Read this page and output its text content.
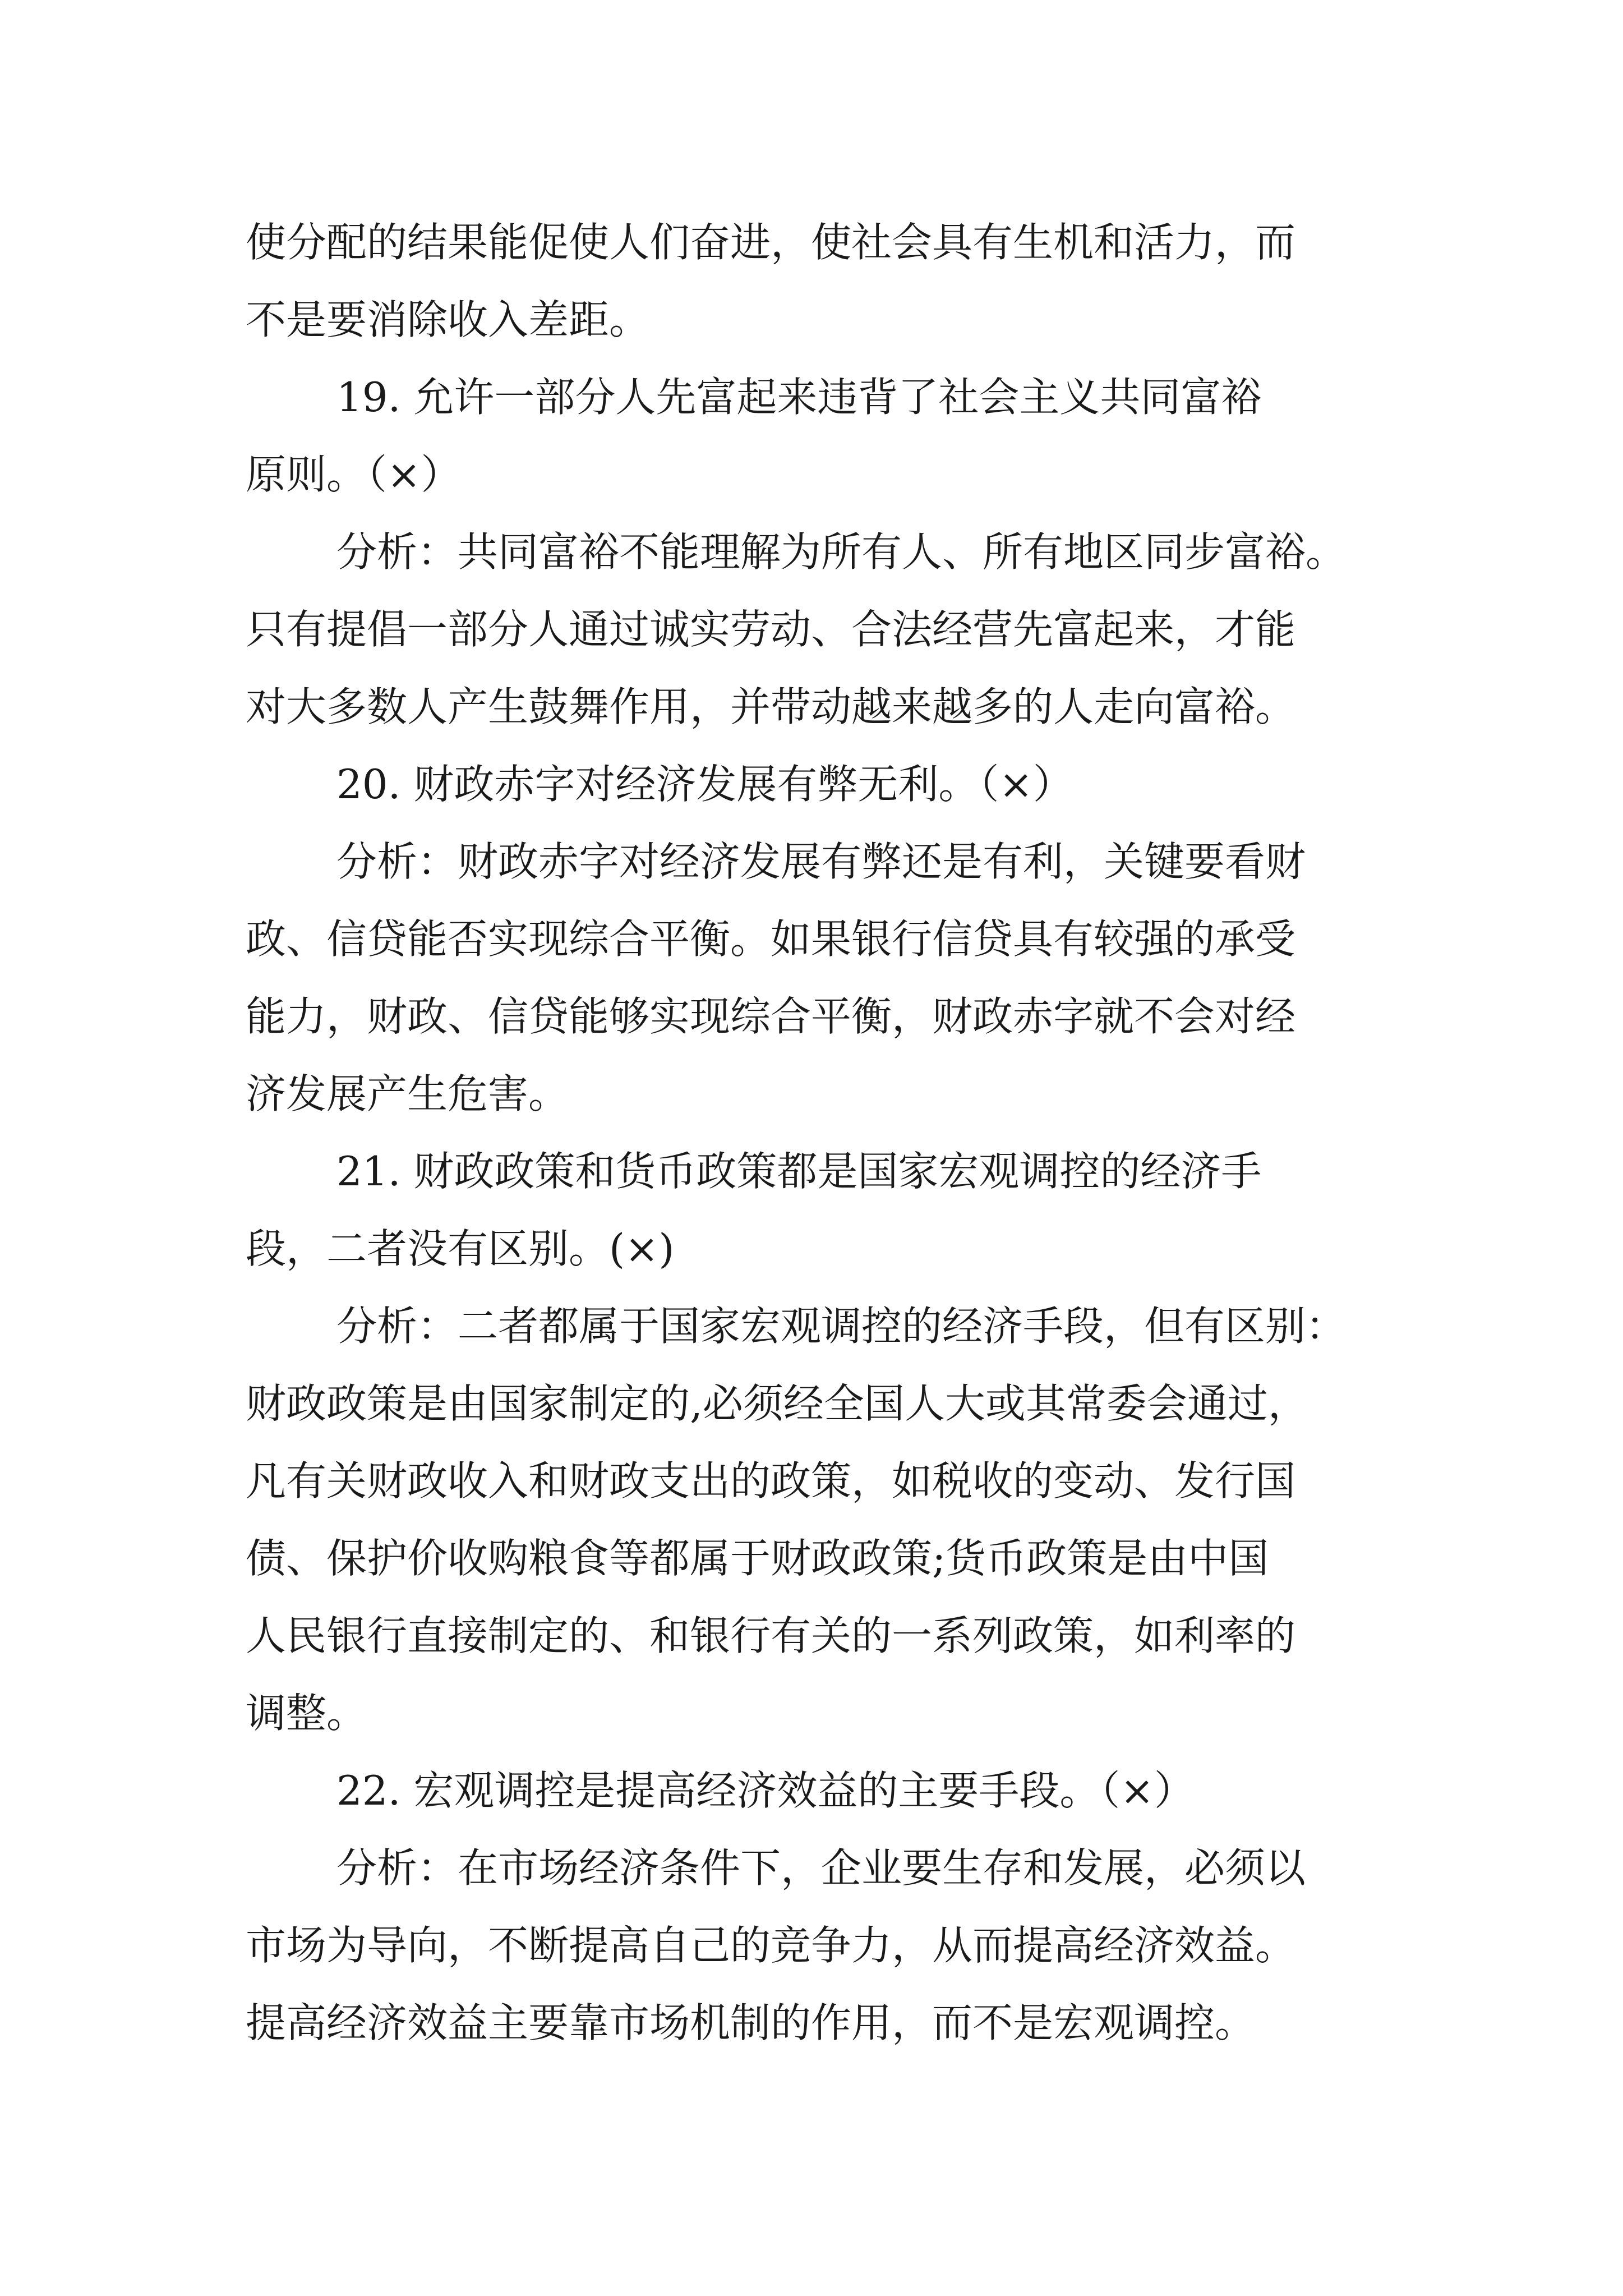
使分配的结果能促使人们奋进，使社会具有生机和活力，而
不是要消除收入差距。
19. 允许一部分人先富起来违背了社会主义共同富裕
原则。（×）
分析：共同富裕不能理解为所有人、所有地区同步富裕。
只有提倡一部分人通过诚实劳动、合法经营先富起来，才能
对大多数人产生鼓舞作用，并带动越来越多的人走向富裕。
20. 财政赤字对经济发展有弊无利。（×）
分析：财政赤字对经济发展有弊还是有利，关键要看财
政、信贷能否实现综合平衡。如果银行信贷具有较强的承受
能力，财政、信贷能够实现综合平衡，财政赤字就不会对经
济发展产生危害。
21. 财政政策和货币政策都是国家宏观调控的经济手
段，二者没有区别。(×)
分析：二者都属于国家宏观调控的经济手段，但有区别：
财政政策是由国家制定的,必须经全国人大或其常委会通过，
凡有关财政收入和财政支出的政策，如税收的变动、发行国
债、保护价收购粮食等都属于财政政策;货币政策是由中国
人民银行直接制定的、和银行有关的一系列政策，如利率的
调整。
22. 宏观调控是提高经济效益的主要手段。（×）
分析：在市场经济条件下，企业要生存和发展，必须以
市场为导向，不断提高自己的竞争力，从而提高经济效益。
提高经济效益主要靠市场机制的作用，而不是宏观调控。
